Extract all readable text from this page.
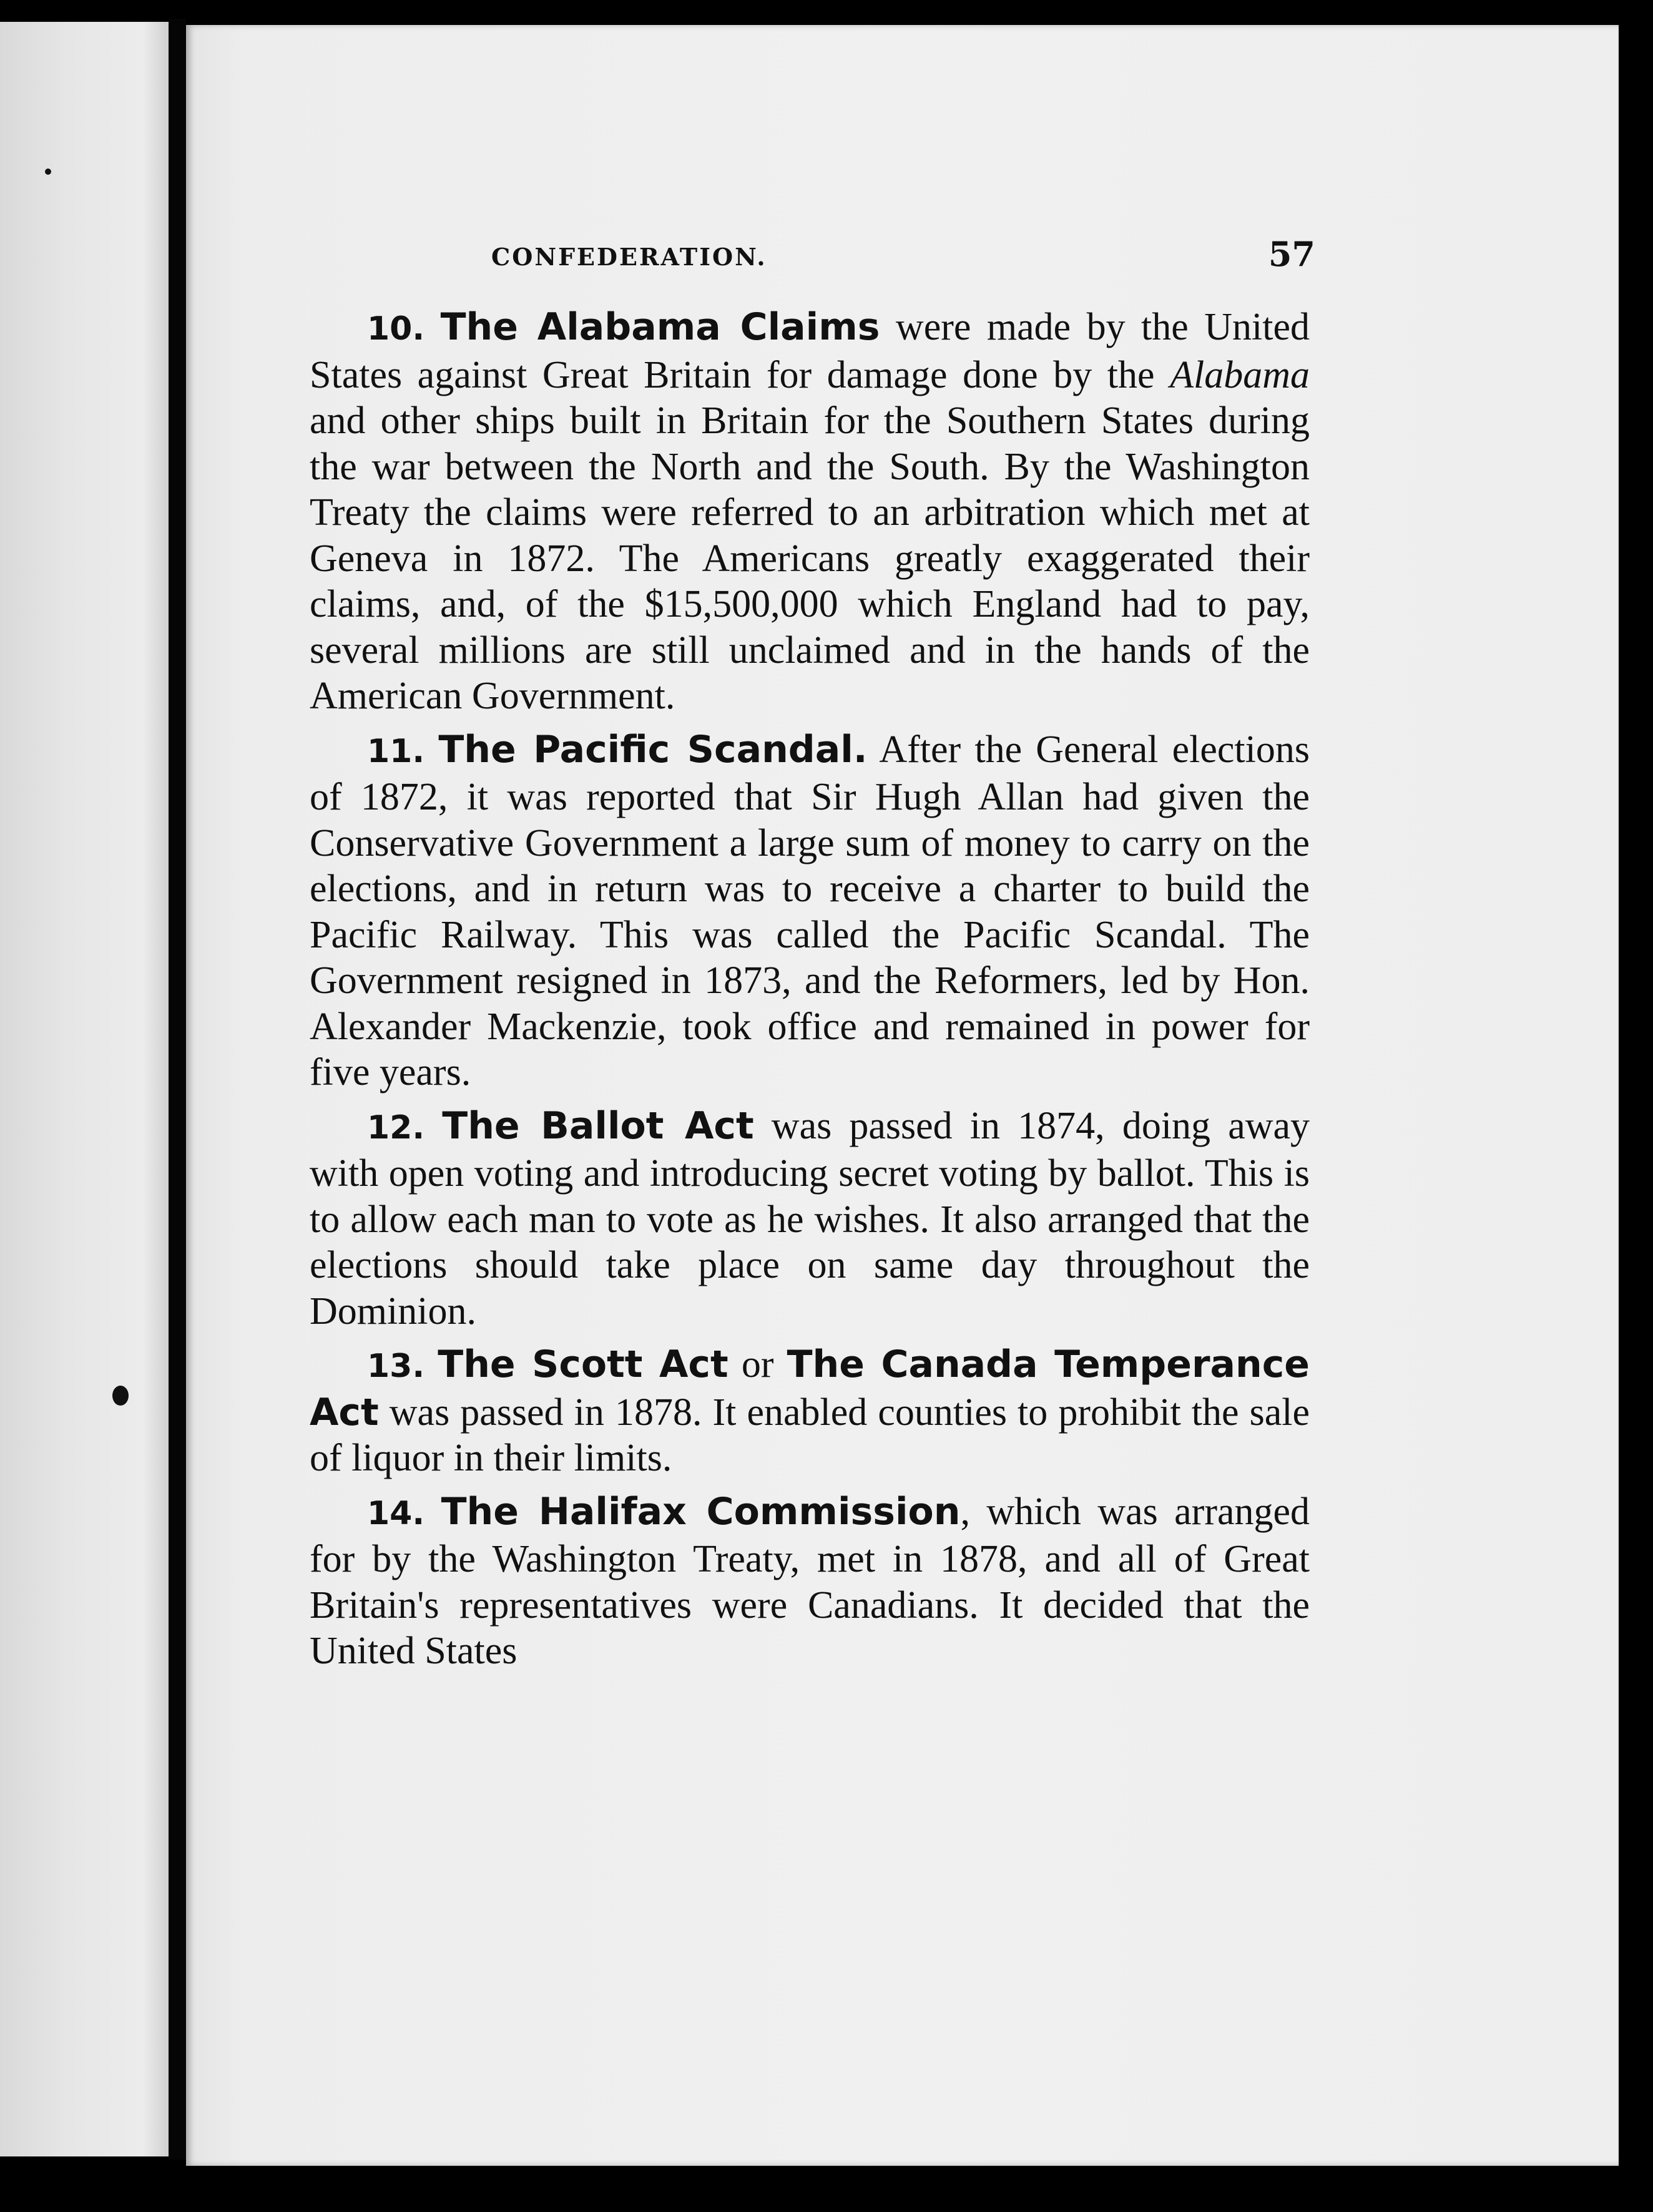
CONFEDERATION.	57

10. The Alabama Claims were made by the United States against Great Britain for damage done by the Alabama and other ships built in Britain for the Southern States during the war between the North and the South. By the Washington Treaty the claims were referred to an arbitration which met at Geneva in 1872. The Americans greatly exaggerated their claims, and, of the $15,500,000 which England had to pay, several millions are still unclaimed and in the hands of the American Government.

11. The Pacific Scandal. After the General elections of 1872, it was reported that Sir Hugh Allan had given the Conservative Government a large sum of money to carry on the elections, and in return was to receive a charter to build the Pacific Railway. This was called the Pacific Scandal. The Government resigned in 1873, and the Reformers, led by Hon. Alexander Mackenzie, took office and remained in power for five years.

12. The Ballot Act was passed in 1874, doing away with open voting and introducing secret voting by ballot. This is to allow each man to vote as he wishes. It also arranged that the elections should take place on same day throughout the Dominion.

13. The Scott Act or The Canada Temperance Act was passed in 1878. It enabled counties to prohibit the sale of liquor in their limits.

14. The Halifax Commission, which was arranged for by the Washington Treaty, met in 1878, and all of Great Britain's representatives were Canadians. It decided that the United States
